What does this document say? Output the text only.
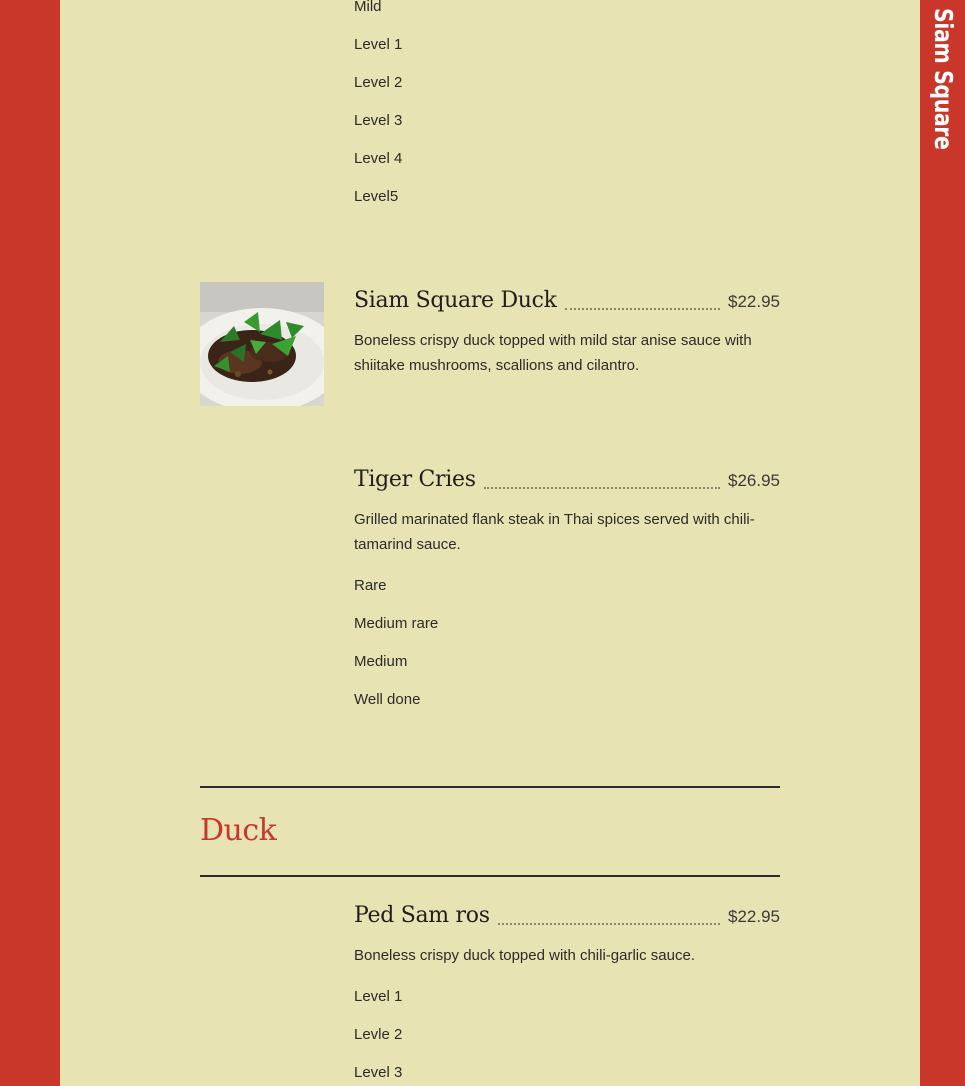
Mild
Level 1
Level 2
Level 3
Level 4
Level5
Siam Square Duck	$22.95
Boneless crispy duck topped with mild star anise sauce with shiitake mushrooms, scallions and cilantro.
Tiger Cries	$26.95
Grilled marinated flank steak in Thai spices served with chili-tamarind sauce.
Rare
Medium rare
Medium
Well done
Duck
Ped Sam ros	$22.95
Boneless crispy duck topped with chili-garlic sauce.
Level 1
Levle 2
Level 3
Siam Square
